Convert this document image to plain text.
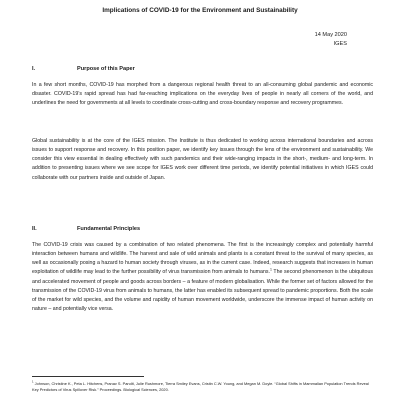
Implications of COVID-19 for the Environment and Sustainability
14 May 2020
IGES
I.	Purpose of this Paper

In a few short months, COVID-19 has morphed from a dangerous regional health threat to an all-consuming global pandemic and economic disaster. COVID-19’s rapid spread has had far-reaching implications on the everyday lives of people in nearly all corners of the world, and underlines the need for governments at all levels to coordinate cross-cutting and cross-boundary response and recovery programmes.

Global sustainability is at the core of the IGES mission. The Institute is thus dedicated to working across international boundaries and across issues to support response and recovery. In this position paper, we identify key issues through the lens of the environment and sustainability. We consider this view essential in dealing effectively with such pandemics and their wide-ranging impacts in the short-, medium- and long-term. In addition to presenting issues where we see scope for IGES work over different time periods, we identify potential initiatives in which IGES could collaborate with our partners inside and outside of Japan.

II.	Fundamental Principles

The COVID-19 crisis was caused by a combination of two related phenomena. The first is the increasingly complex and potentially harmful interaction between humans and wildlife. The harvest and sale of wild animals and plants is a constant threat to the survival of many species, as well as occasionally posing a hazard to human society through viruses, as in the current case. Indeed, research suggests that increases in human exploitation of wildlife may lead to the further possibility of virus transmission from animals to humans.$^1$ The second phenomenon is the ubiquitous and accelerated movement of people and goods across borders – a feature of modern globalisation. While the former set of factors allowed for the transmission of the COVID-19 virus from animals to humans, the latter has enabled its subsequent spread to pandemic proportions. Both the scale of the market for wild species, and the volume and rapidity of human movement worldwide, underscore the immense impact of human activity on nature – and potentially vice versa.

$^1$ Johnson, Christine K., Peta L. Hitchens, Pranav S. Pandit, Julie Rushmore, Tierra Smiley Evans, Cristin C.W. Young, and Megan M. Doyle. “Global Shifts in Mammalian Population Trends Reveal Key Predictors of Virus Spillover Risk.” Proceedings. Biological Sciences, 2020.
